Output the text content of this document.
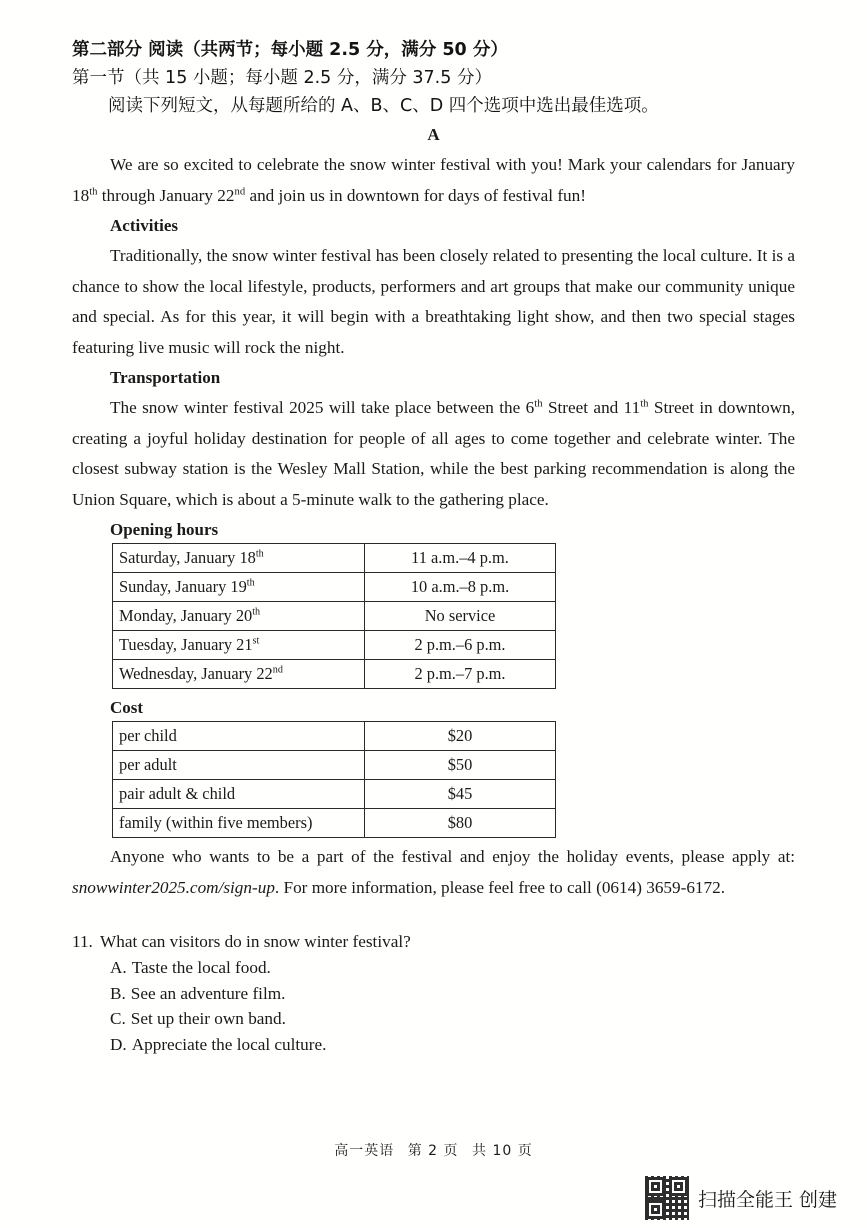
第二部分 阅读（共两节；每小题 2.5 分，满分 50 分）
第一节（共 15 小题；每小题 2.5 分，满分 37.5 分）
阅读下列短文，从每题所给的 A、B、C、D 四个选项中选出最佳选项。
A

We are so excited to celebrate the snow winter festival with you! Mark your calendars for January 18th through January 22nd and join us in downtown for days of festival fun!

Activities

Traditionally, the snow winter festival has been closely related to presenting the local culture. It is a chance to show the local lifestyle, products, performers and art groups that make our community unique and special. As for this year, it will begin with a breathtaking light show, and then two special stages featuring live music will rock the night.

Transportation

The snow winter festival 2025 will take place between the 6th Street and 11th Street in downtown, creating a joyful holiday destination for people of all ages to come together and celebrate winter. The closest subway station is the Wesley Mall Station, while the best parking recommendation is along the Union Square, which is about a 5-minute walk to the gathering place.

Opening hours
Saturday, January 18th	11 a.m.–4 p.m.
Sunday, January 19th	10 a.m.–8 p.m.
Monday, January 20th	No service
Tuesday, January 21st	2 p.m.–6 p.m.
Wednesday, January 22nd	2 p.m.–7 p.m.
Cost
per child	$20
per adult	$50
pair adult & child	$45
family (within five members)	$80

Anyone who wants to be a part of the festival and enjoy the holiday events, please apply at: snowwinter2025.com/sign-up. For more information, please feel free to call (0614) 3659-6172.

11. What can visitors do in snow winter festival?

A. Taste the local food.

B. See an adventure film.

C. Set up their own band.

D. Appreciate the local culture.

高一英语 第 2 页 共 10 页
扫描全能王 创建
